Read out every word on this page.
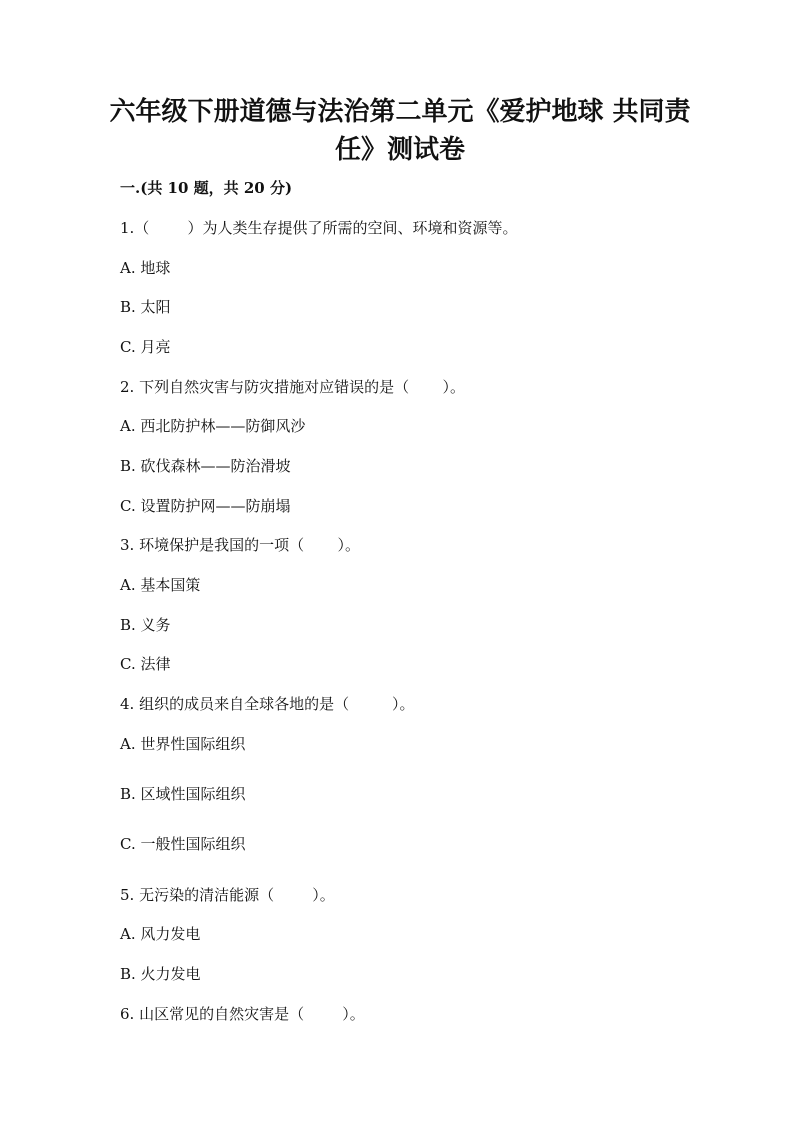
六年级下册道德与法治第二单元《爱护地球 共同责
任》测试卷

一.(共 10 题，共 20 分)

1.（        ）为人类生存提供了所需的空间、环境和资源等。

A. 地球

B. 太阳

C. 月亮

2. 下列自然灾害与防灾措施对应错误的是（       ）。

A. 西北防护林——防御风沙

B. 砍伐森林——防治滑坡

C. 设置防护网——防崩塌

3. 环境保护是我国的一项（       ）。

A. 基本国策

B. 义务

C. 法律

4. 组织的成员来自全球各地的是（         ）。

A. 世界性国际组织

B. 区域性国际组织

C. 一般性国际组织

5. 无污染的清洁能源（        ）。

A. 风力发电

B. 火力发电

6. 山区常见的自然灾害是（        ）。
